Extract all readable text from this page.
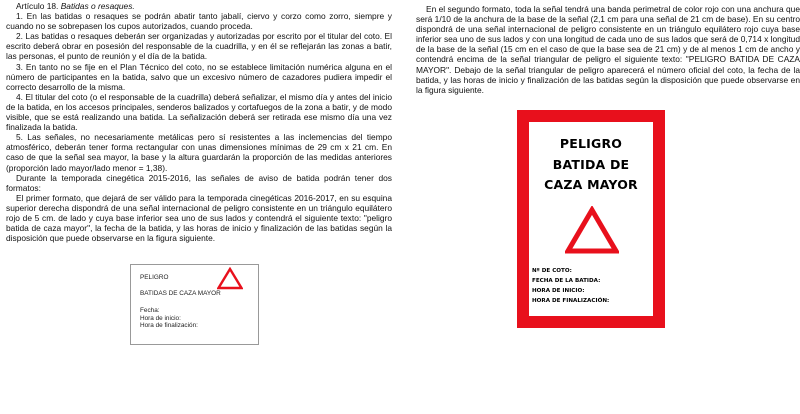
Artículo 18. Batidas o resaques.

1. En las batidas o resaques se podrán abatir tanto jabalí, ciervo y corzo como zorro, siempre y cuando no se sobrepasen los cupos autorizados, cuando proceda.

2. Las batidas o resaques deberán ser organizadas y autorizadas por escrito por el titular del coto. El escrito deberá obrar en posesión del responsable de la cuadrilla, y en él se reflejarán las zonas a batir, las personas, el punto de reunión y el día de la batida.

3. En tanto no se fije en el Plan Técnico del coto, no se establece limitación numérica alguna en el número de participantes en la batida, salvo que un excesivo número de cazadores pudiera impedir el correcto desarrollo de la misma.

4. El titular del coto (o el responsable de la cuadrilla) deberá señalizar, el mismo día y antes del inicio de la batida, en los accesos principales, senderos balizados y cortafuegos de la zona a batir, y de modo visible, que se está realizando una batida. La señalización deberá ser retirada ese mismo día una vez finalizada la batida.

5. Las señales, no necesariamente metálicas pero sí resistentes a las inclemencias del tiempo atmosférico, deberán tener forma rectangular con unas dimensiones mínimas de 29 cm x 21 cm. En caso de que la señal sea mayor, la base y la altura guardarán la proporción de las medidas anteriores (proporción lado mayor/lado menor = 1,38).

Durante la temporada cinegética 2015-2016, las señales de aviso de batida podrán tener dos formatos:

El primer formato, que dejará de ser válido para la temporada cinegéticas 2016-2017, en su esquina superior derecha dispondrá de una señal internacional de peligro consistente en un triángulo equilátero rojo de 5 cm. de lado y cuya base inferior sea uno de sus lados y contendrá el siguiente texto: "peligro batida de caza mayor", la fecha de la batida, y las horas de inicio y finalización de las batidas según la disposición que puede observarse en la figura siguiente.

PELIGRO
BATIDAS DE CAZA MAYOR
Fecha:
Hora de inicio:
Hora de finalización:

En el segundo formato, toda la señal tendrá una banda perimetral de color rojo con una anchura que será 1/10 de la anchura de la base de la señal (2,1 cm para una señal de 21 cm de base). En su centro dispondrá de una señal internacional de peligro consistente en un triángulo equilátero rojo cuya base inferior sea uno de sus lados y con una longitud de cada uno de sus lados que será de 0,714 x longitud de la base de la señal (15 cm en el caso de que la base sea de 21 cm) y de al menos 1 cm de ancho y contendrá encima de la señal triangular de peligro el siguiente texto: "PELIGRO BATIDA DE CAZA MAYOR". Debajo de la señal triangular de peligro aparecerá el número oficial del coto, la fecha de la batida, y las horas de inicio y finalización de las batidas según la disposición que puede observarse en la figura siguiente.

PELIGRO
BATIDA DE
CAZA MAYOR
Nº DE COTO:
FECHA DE LA BATIDA:
HORA DE INICIO:
HORA DE FINALIZACIÓN:
